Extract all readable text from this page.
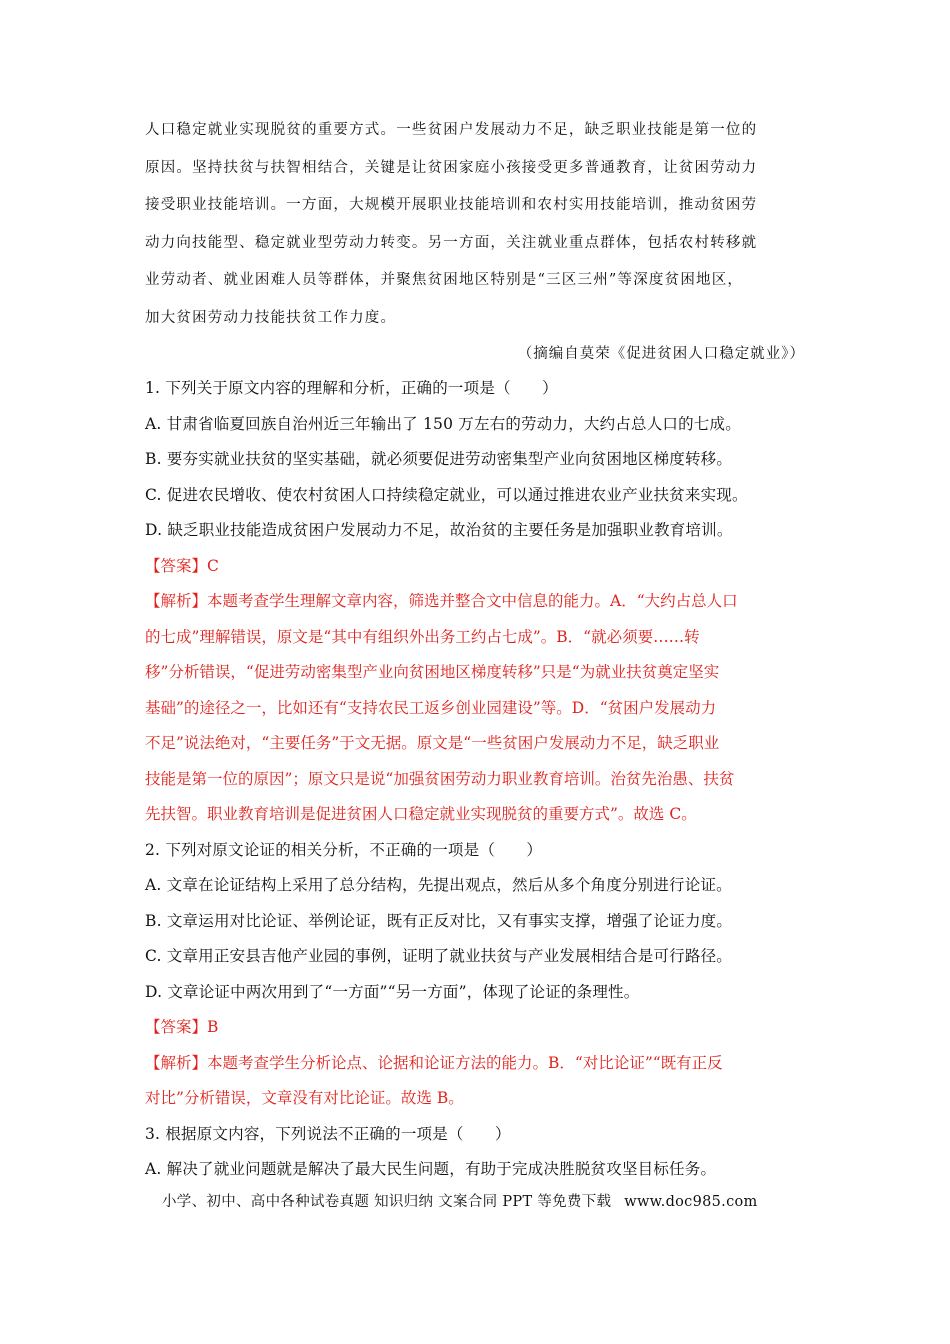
人口稳定就业实现脱贫的重要方式。一些贫困户发展动力不足，缺乏职业技能是第一位的

原因。坚持扶贫与扶智相结合，关键是让贫困家庭小孩接受更多普通教育，让贫困劳动力

接受职业技能培训。一方面，大规模开展职业技能培训和农村实用技能培训，推动贫困劳

动力向技能型、稳定就业型劳动力转变。另一方面，关注就业重点群体，包括农村转移就

业劳动者、就业困难人员等群体，并聚焦贫困地区特别是“三区三州”等深度贫困地区，

加大贫困劳动力技能扶贫工作力度。

（摘编自莫荣《促进贫困人口稳定就业》）

1. 下列关于原文内容的理解和分析，正确的一项是（　　）

A. 甘肃省临夏回族自治州近三年输出了 150 万左右的劳动力，大约占总人口的七成。

B. 要夯实就业扶贫的坚实基础，就必须要促进劳动密集型产业向贫困地区梯度转移。

C. 促进农民增收、使农村贫困人口持续稳定就业，可以通过推进农业产业扶贫来实现。

D. 缺乏职业技能造成贫困户发展动力不足，故治贫的主要任务是加强职业教育培训。

【答案】C
【解析】本题考查学生理解文章内容，筛选并整合文中信息的能力。A．“大约占总人口
的七成”理解错误，原文是“其中有组织外出务工约占七成”。B．“就必须要……转
移”分析错误，“促进劳动密集型产业向贫困地区梯度转移”只是“为就业扶贫奠定坚实
基础”的途径之一，比如还有“支持农民工返乡创业园建设”等。D．“贫困户发展动力
不足”说法绝对，“主要任务”于文无据。原文是“一些贫困户发展动力不足，缺乏职业
技能是第一位的原因”；原文只是说“加强贫困劳动力职业教育培训。治贫先治愚、扶贫
先扶智。职业教育培训是促进贫困人口稳定就业实现脱贫的重要方式”。故选 C。

2. 下列对原文论证的相关分析，不正确的一项是（　　）

A. 文章在论证结构上采用了总分结构，先提出观点，然后从多个角度分别进行论证。

B. 文章运用对比论证、举例论证，既有正反对比，又有事实支撑，增强了论证力度。

C. 文章用正安县吉他产业园的事例，证明了就业扶贫与产业发展相结合是可行路径。

D. 文章论证中两次用到了“一方面”“另一方面”，体现了论证的条理性。

【答案】B
【解析】本题考查学生分析论点、论据和论证方法的能力。B．“对比论证”“既有正反
对比”分析错误，文章没有对比论证。故选 B。

3. 根据原文内容，下列说法不正确的一项是（　　）

A. 解决了就业问题就是解决了最大民生问题，有助于完成决胜脱贫攻坚目标任务。

小学、初中、高中各种试卷真题 知识归纳 文案合同 PPT 等免费下载 www.doc985.com
